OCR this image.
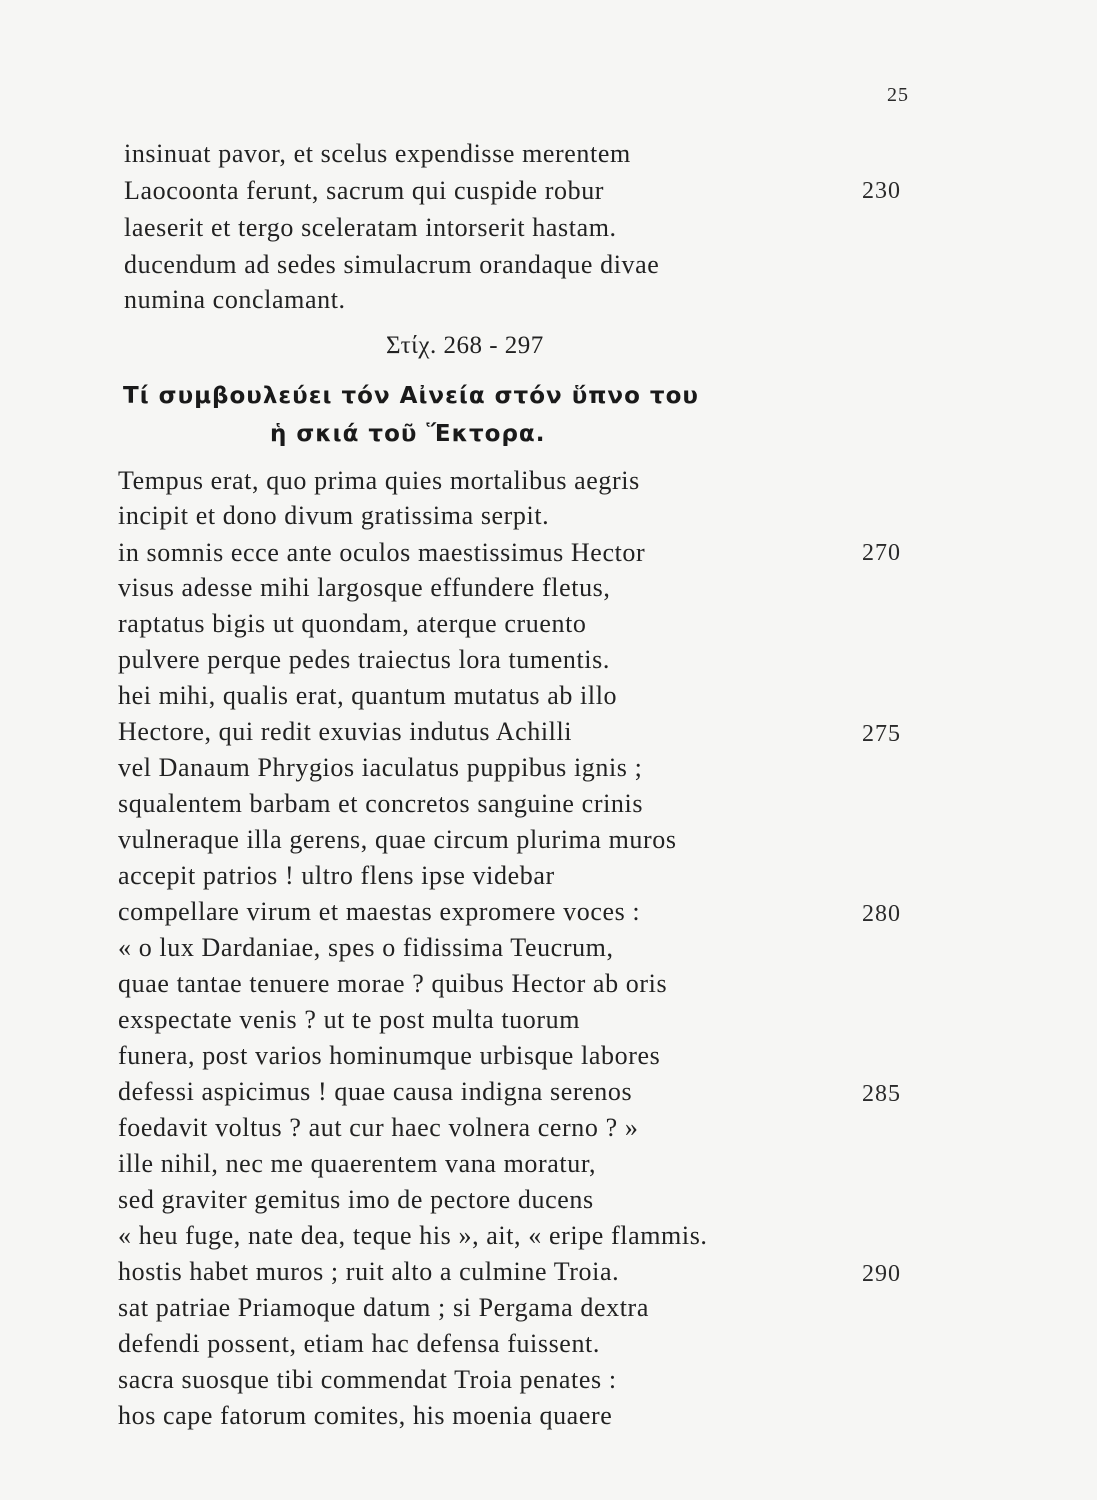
25
insinuat pavor, et scelus expendisse merentem
Laocoonta ferunt, sacrum qui cuspide robur	230
laeserit et tergo sceleratam intorserit hastam.
ducendum ad sedes simulacrum orandaque divae
numina conclamant.
Στίχ. 268 - 297
Τί συμβουλεύει τόν Αἰνεία στόν ὕπνο του
ἡ σκιά τοῦ Ἕκτορα.
Tempus erat, quo prima quies mortalibus aegris
incipit et dono divum gratissima serpit.
in somnis ecce ante oculos maestissimus Hector	270
visus adesse mihi largosque effundere fletus,
raptatus bigis ut quondam, aterque cruento
pulvere perque pedes traiectus lora tumentis.
hei mihi, qualis erat, quantum mutatus ab illo
Hectore, qui redit exuvias indutus Achilli	275
vel Danaum Phrygios iaculatus puppibus ignis ;
squalentem barbam et concretos sanguine crinis
vulneraque illa gerens, quae circum plurima muros
accepit patrios ! ultro flens ipse videbar
compellare virum et maestas expromere voces :	280
« o lux Dardaniae, spes o fidissima Teucrum,
quae tantae tenuere morae ? quibus Hector ab oris
exspectate venis ? ut te post multa tuorum
funera, post varios hominumque urbisque labores
defessi aspicimus ! quae causa indigna serenos	285
foedavit voltus ? aut cur haec volnera cerno ? »
ille nihil, nec me quaerentem vana moratur,
sed graviter gemitus imo de pectore ducens
« heu fuge, nate dea, teque his », ait, « eripe flammis.
hostis habet muros ; ruit alto a culmine Troia.	290
sat patriae Priamoque datum ; si Pergama dextra
defendi possent, etiam hac defensa fuissent.
sacra suosque tibi commendat Troia penates :
hos cape fatorum comites, his moenia quaere
